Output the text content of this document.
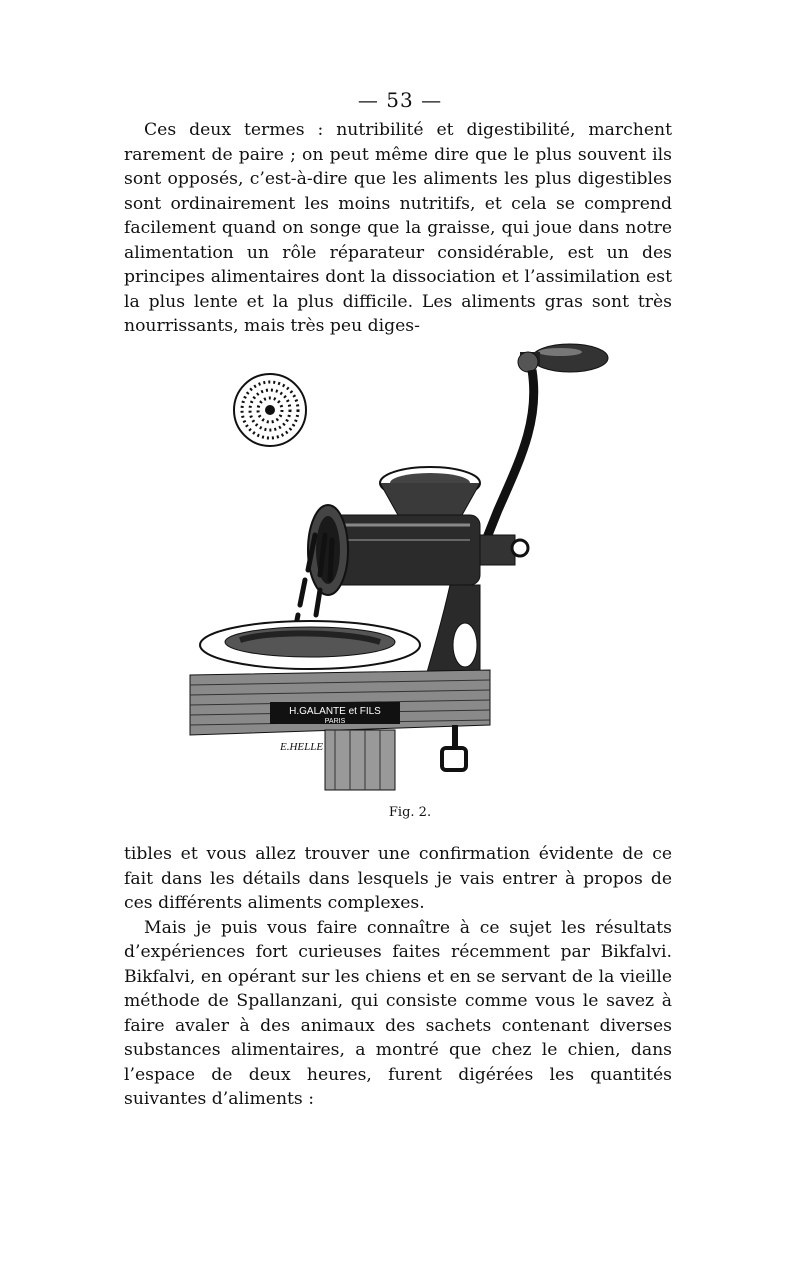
— 53 —

Ces deux termes : nutribilité et digestibilité, marchent rarement de paire ; on peut même dire que le plus souvent ils sont opposés, c’est-à-dire que les aliments les plus digestibles sont ordinairement les moins nutritifs, et cela se comprend facilement quand on songe que la graisse, qui joue dans notre alimentation un rôle réparateur considérable, est un des principes alimentaires dont la dissociation et l’assimilation est la plus lente et la plus difficile. Les aliments gras sont très nourrissants, mais très peu diges-

H.GALANTE et FILS
PARIS
E.HELLE
Fig. 2.

tibles et vous allez trouver une confirmation évidente de ce fait dans les détails dans lesquels je vais entrer à propos de ces différents aliments complexes.

Mais je puis vous faire connaître à ce sujet les résultats d’expériences fort curieuses faites récemment par Bikfalvi. Bikfalvi, en opérant sur les chiens et en se servant de la vieille méthode de Spallanzani, qui consiste comme vous le savez à faire avaler à des animaux des sachets contenant diverses substances alimentaires, a montré que chez le chien, dans l’espace de deux heures, furent digérées les quantités suivantes d’aliments :
